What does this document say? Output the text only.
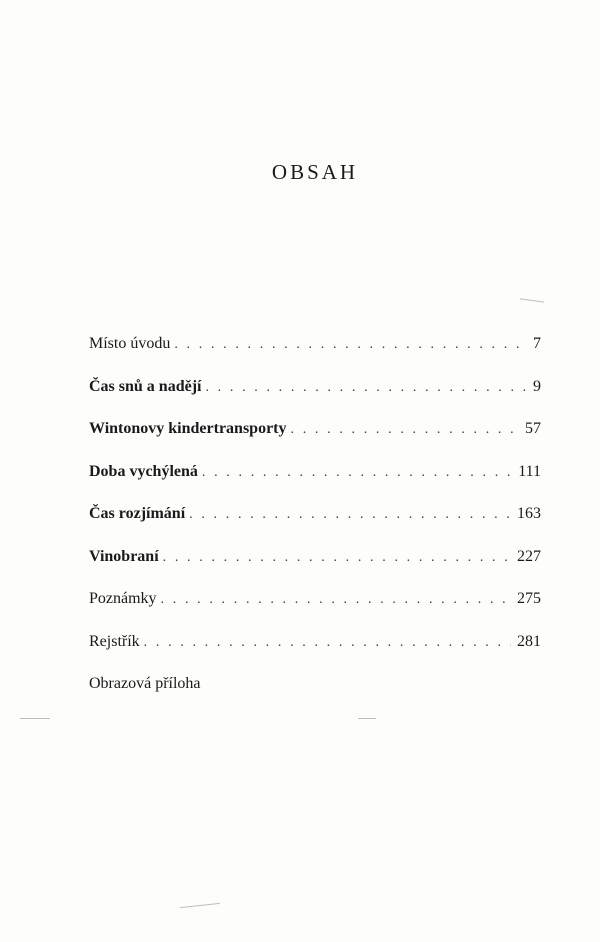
OBSAH
Místo úvodu . . .	7
Čas snů a nadějí . . .	9
Wintonovy kindertransporty . . .	57
Doba vychýlená . . .	111
Čas rozjímání . . .	163
Vinobraní . . .	227
Poznámky . . .	275
Rejstřík . . .	281
Obrazová příloha
